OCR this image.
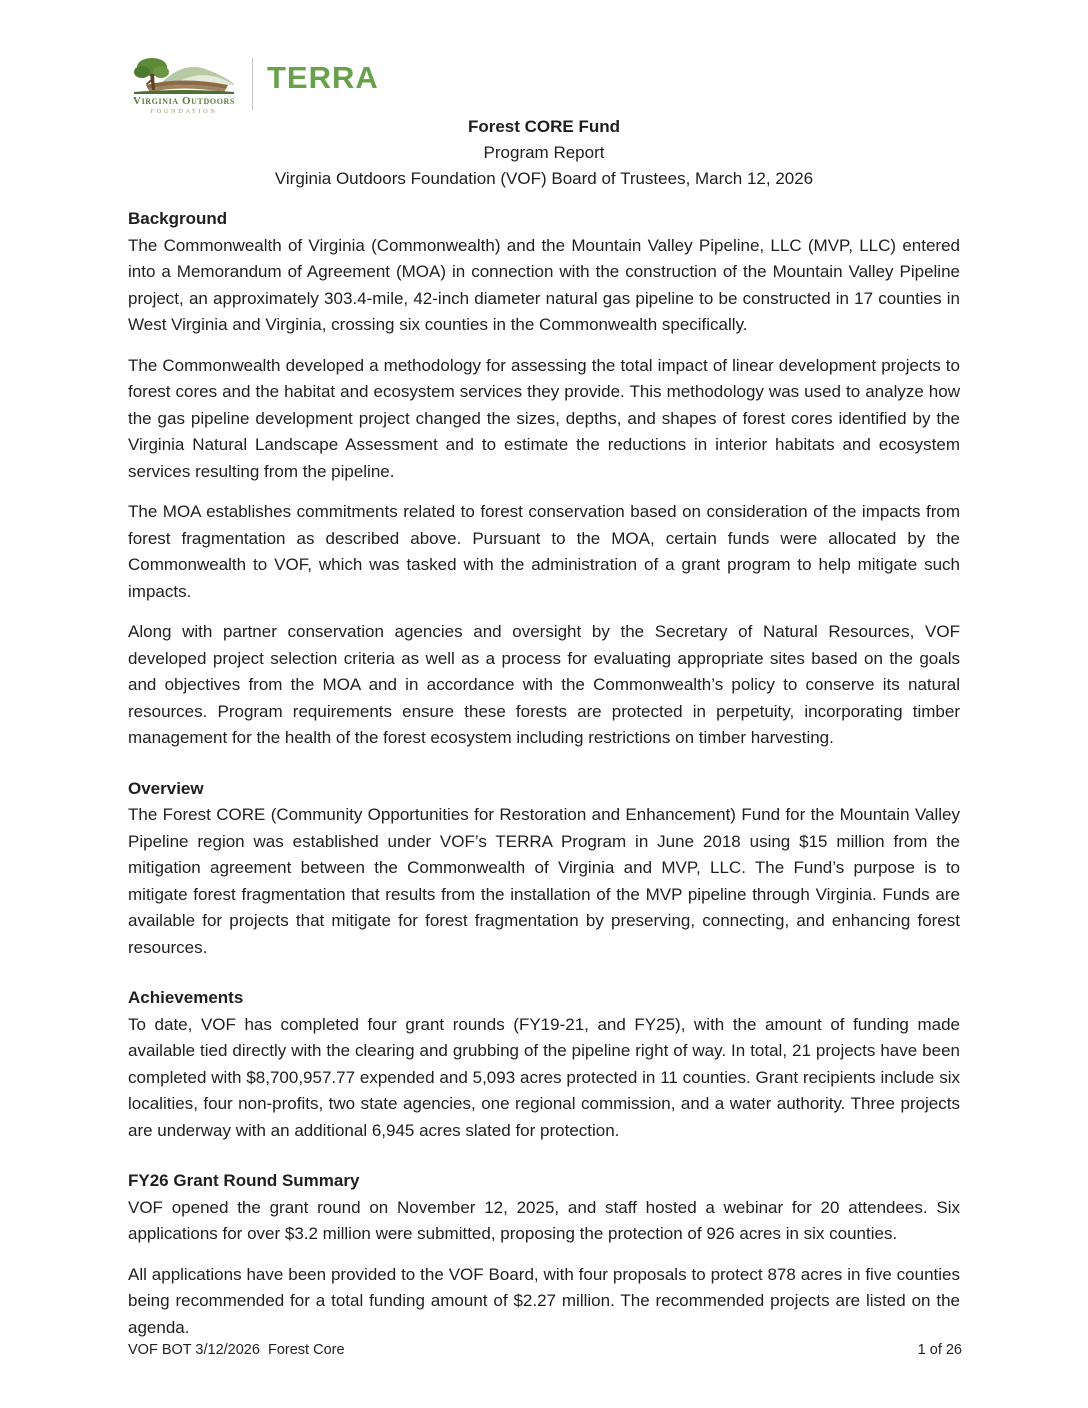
Virginia Outdoors
FOUNDATION
TERRA
Forest CORE Fund
Program Report
Virginia Outdoors Foundation (VOF) Board of Trustees, March 12, 2026
Background

The Commonwealth of Virginia (Commonwealth) and the Mountain Valley Pipeline, LLC (MVP, LLC) entered into a Memorandum of Agreement (MOA) in connection with the construction of the Mountain Valley Pipeline project, an approximately 303.4-mile, 42-inch diameter natural gas pipeline to be constructed in 17 counties in West Virginia and Virginia, crossing six counties in the Commonwealth specifically.

The Commonwealth developed a methodology for assessing the total impact of linear development projects to forest cores and the habitat and ecosystem services they provide. This methodology was used to analyze how the gas pipeline development project changed the sizes, depths, and shapes of forest cores identified by the Virginia Natural Landscape Assessment and to estimate the reductions in interior habitats and ecosystem services resulting from the pipeline.

The MOA establishes commitments related to forest conservation based on consideration of the impacts from forest fragmentation as described above. Pursuant to the MOA, certain funds were allocated by the Commonwealth to VOF, which was tasked with the administration of a grant program to help mitigate such impacts.

Along with partner conservation agencies and oversight by the Secretary of Natural Resources, VOF developed project selection criteria as well as a process for evaluating appropriate sites based on the goals and objectives from the MOA and in accordance with the Commonwealth’s policy to conserve its natural resources. Program requirements ensure these forests are protected in perpetuity, incorporating timber management for the health of the forest ecosystem including restrictions on timber harvesting.

Overview

The Forest CORE (Community Opportunities for Restoration and Enhancement) Fund for the Mountain Valley Pipeline region was established under VOF’s TERRA Program in June 2018 using $15 million from the mitigation agreement between the Commonwealth of Virginia and MVP, LLC. The Fund’s purpose is to mitigate forest fragmentation that results from the installation of the MVP pipeline through Virginia. Funds are available for projects that mitigate for forest fragmentation by preserving, connecting, and enhancing forest resources.

Achievements

To date, VOF has completed four grant rounds (FY19-21, and FY25), with the amount of funding made available tied directly with the clearing and grubbing of the pipeline right of way. In total, 21 projects have been completed with $8,700,957.77 expended and 5,093 acres protected in 11 counties. Grant recipients include six localities, four non-profits, two state agencies, one regional commission, and a water authority. Three projects are underway with an additional 6,945 acres slated for protection.

FY26 Grant Round Summary

VOF opened the grant round on November 12, 2025, and staff hosted a webinar for 20 attendees. Six applications for over $3.2 million were submitted, proposing the protection of 926 acres in six counties.

All applications have been provided to the VOF Board, with four proposals to protect 878 acres in five counties being recommended for a total funding amount of $2.27 million. The recommended projects are listed on the agenda.

VOF BOT 3/12/2026  Forest Core	1 of 26
